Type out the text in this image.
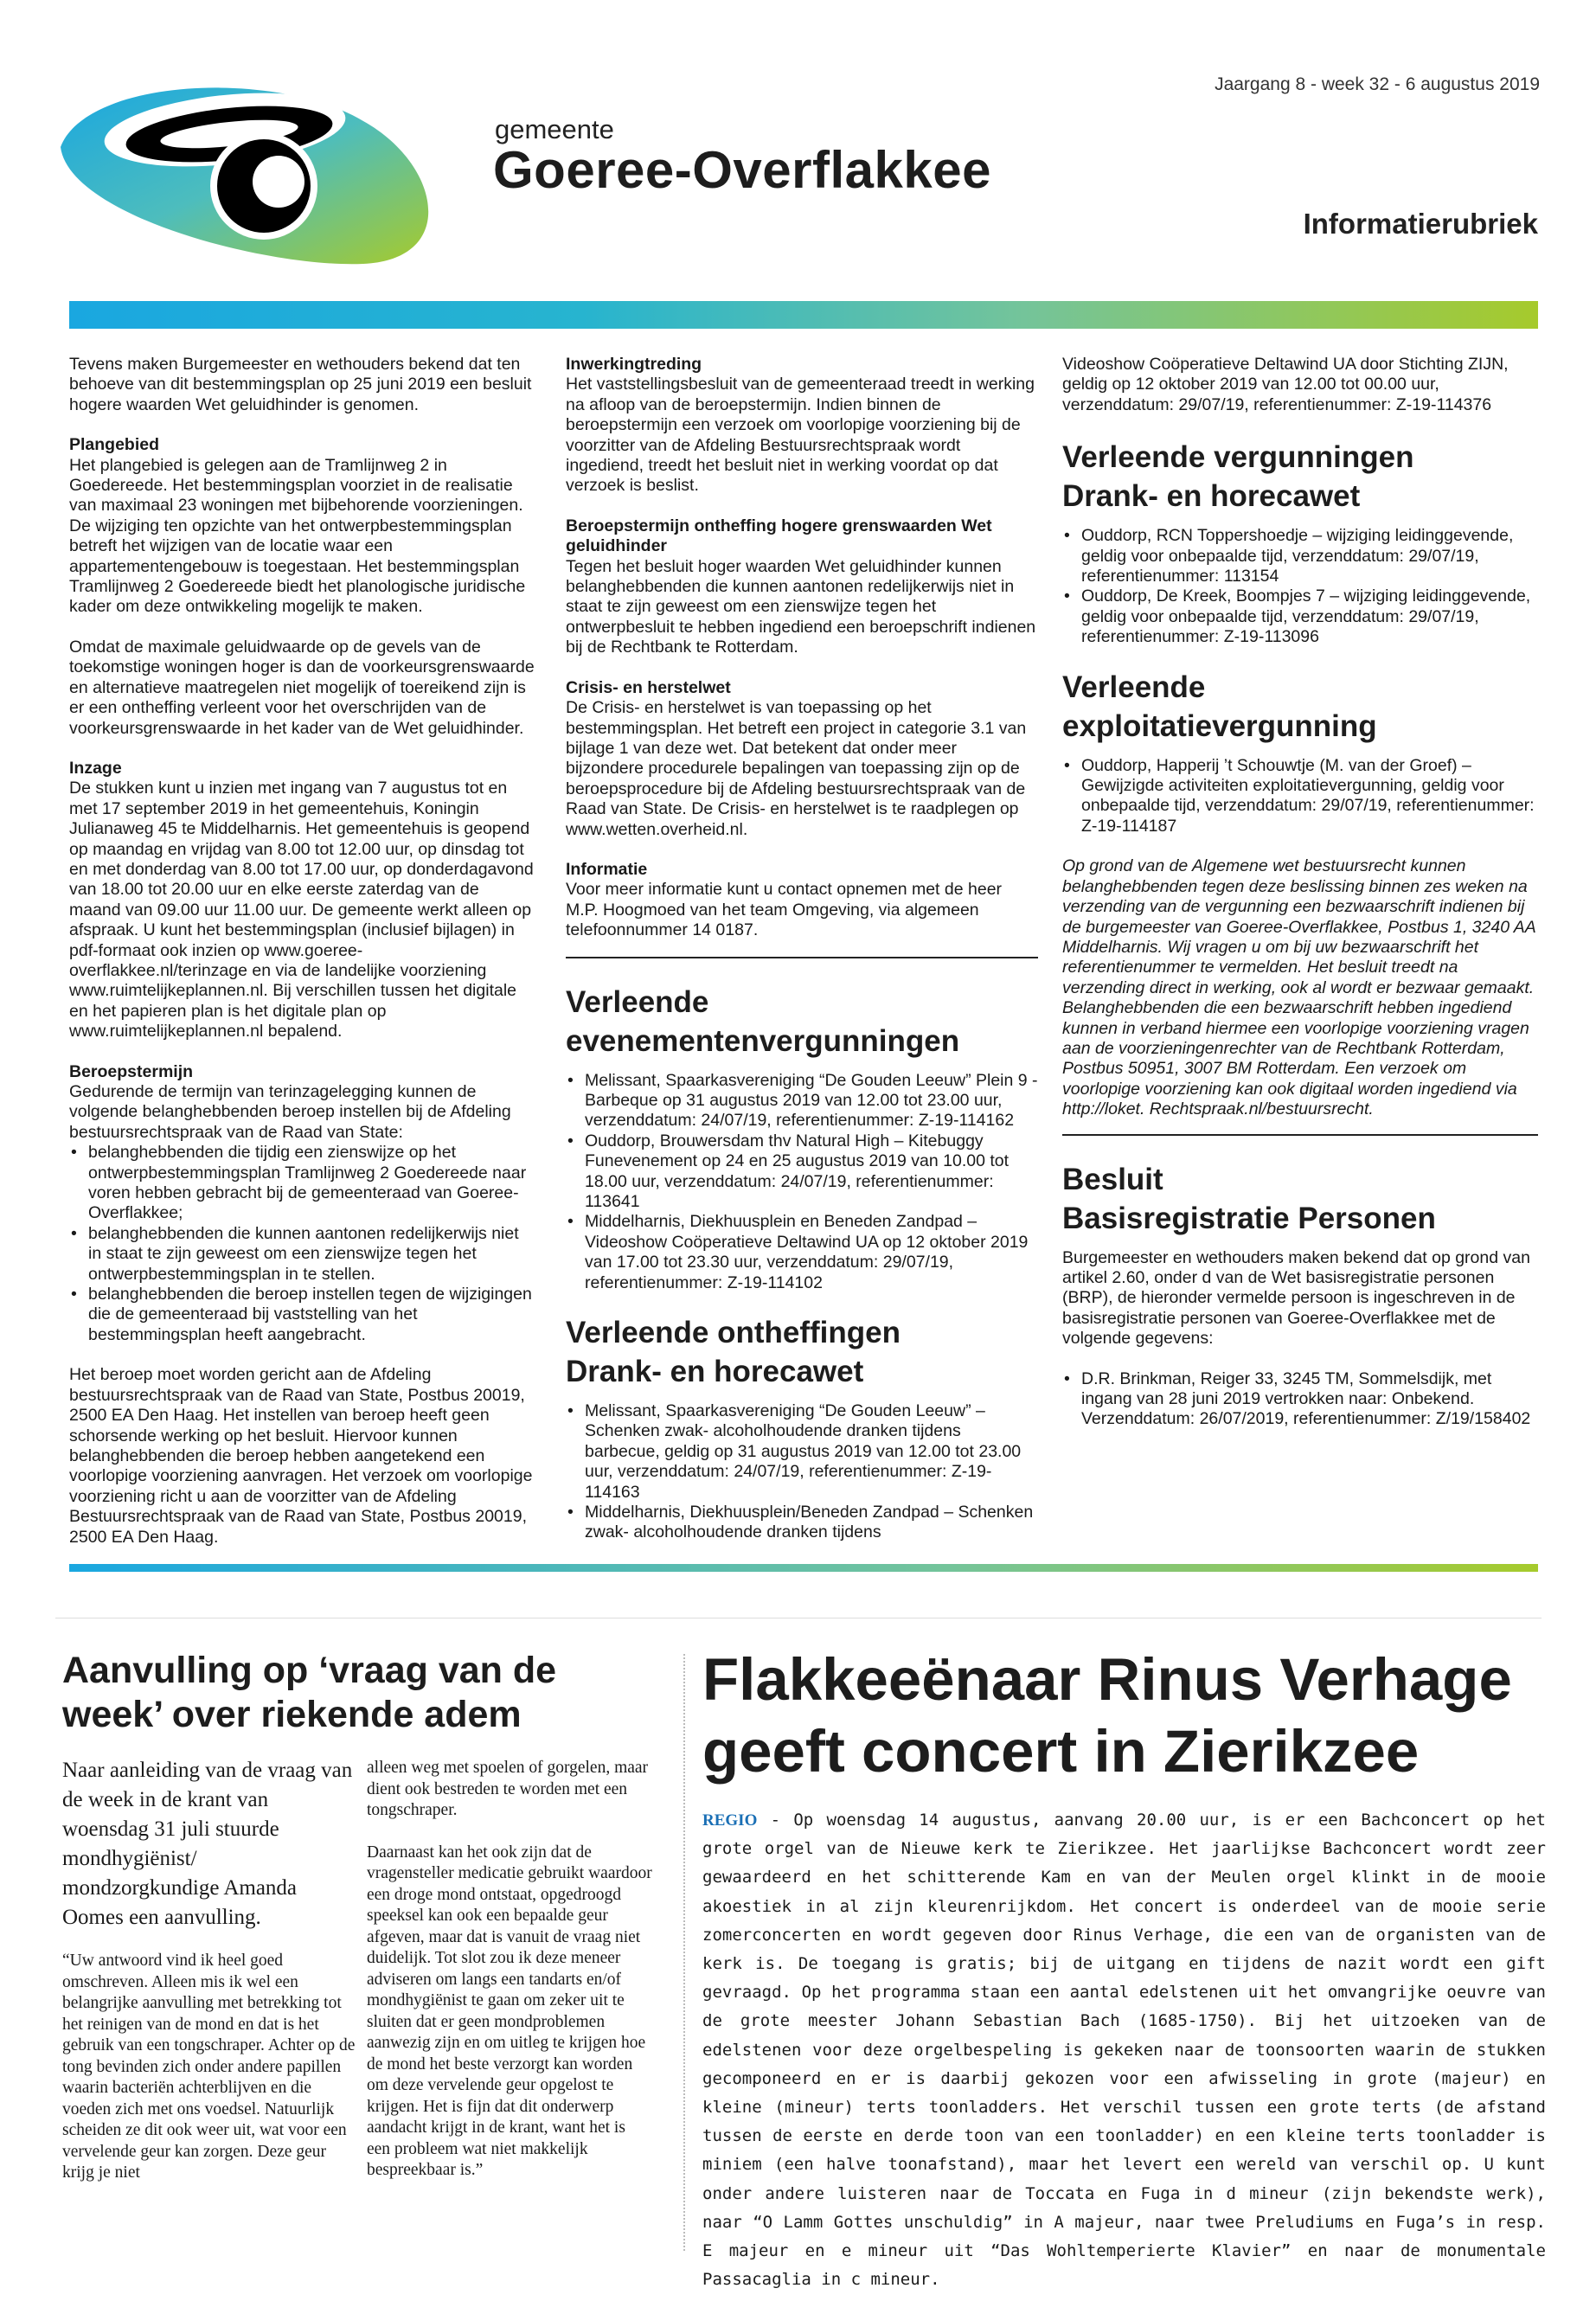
Jaargang 8 - week 32 - 6 augustus 2019
gemeente
Goeree-Overflakkee
Informatierubriek

Tevens maken Burgemeester en wethouders bekend dat ten behoeve van dit bestemmingsplan op 25 juni 2019 een besluit hogere waarden Wet geluidhinder is genomen.

Plangebied
Het plangebied is gelegen aan de Tramlijnweg 2 in Goedereede. Het bestemmingsplan voorziet in de realisatie van maximaal 23 woningen met bijbehorende voorzieningen. De wijziging ten opzichte van het ontwerpbestemmingsplan betreft het wijzigen van de locatie waar een appartementengebouw is toegestaan. Het bestemmingsplan Tramlijnweg 2 Goedereede biedt het planologische juridische kader om deze ontwikkeling mogelijk te maken.

Omdat de maximale geluidwaarde op de gevels van de toekomstige woningen hoger is dan de voorkeursgrenswaarde en alternatieve maatregelen niet mogelijk of toereikend zijn is er een ontheffing verleent voor het overschrijden van de voorkeursgrenswaarde in het kader van de Wet geluidhinder.

Inzage
De stukken kunt u inzien met ingang van 7 augustus tot en met 17 september 2019 in het gemeentehuis, Koningin Julianaweg 45 te Middelharnis. Het gemeentehuis is geopend op maandag en vrijdag van 8.00 tot 12.00 uur, op dinsdag tot en met donderdag van 8.00 tot 17.00 uur, op donderdagavond van 18.00 tot 20.00 uur en elke eerste zaterdag van de maand van 09.00 uur 11.00 uur. De gemeente werkt alleen op afspraak. U kunt het bestemmingsplan (inclusief bijlagen) in pdf-formaat ook inzien op www.goeree-overflakkee.nl/terinzage en via de landelijke voorziening www.ruimtelijkeplannen.nl. Bij verschillen tussen het digitale en het papieren plan is het digitale plan op www.ruimtelijkeplannen.nl bepalend.

Beroepstermijn
Gedurende de termijn van terinzagelegging kunnen de volgende belanghebbenden beroep instellen bij de Afdeling bestuursrechtspraak van de Raad van State:

• belanghebbenden die tijdig een zienswijze op het ontwerpbestemmingsplan Tramlijnweg 2 Goedereede naar voren hebben gebracht bij de gemeenteraad van Goeree-Overflakkee;
• belanghebbenden die kunnen aantonen redelijkerwijs niet in staat te zijn geweest om een zienswijze tegen het ontwerpbestemmingsplan in te stellen.
• belanghebbenden die beroep instellen tegen de wijzigingen die de gemeenteraad bij vaststelling van het bestemmingsplan heeft aangebracht.

Het beroep moet worden gericht aan de Afdeling bestuursrechtspraak van de Raad van State, Postbus 20019, 2500 EA Den Haag. Het instellen van beroep heeft geen schorsende werking op het besluit. Hiervoor kunnen belanghebbenden die beroep hebben aangetekend een voorlopige voorziening aanvragen. Het verzoek om voorlopige voorziening richt u aan de voorzitter van de Afdeling Bestuursrechtspraak van de Raad van State, Postbus 20019, 2500 EA Den Haag.

Inwerkingtreding
Het vaststellingsbesluit van de gemeenteraad treedt in werking na afloop van de beroepstermijn. Indien binnen de beroepstermijn een verzoek om voorlopige voorziening bij de voorzitter van de Afdeling Bestuursrechtspraak wordt ingediend, treedt het besluit niet in werking voordat op dat verzoek is beslist.

Beroepstermijn ontheffing hogere grenswaarden Wet geluidhinder
Tegen het besluit hoger waarden Wet geluidhinder kunnen belanghebbenden die kunnen aantonen redelijkerwijs niet in staat te zijn geweest om een zienswijze tegen het ontwerpbesluit te hebben ingediend een beroepschrift indienen bij de Rechtbank te Rotterdam.

Crisis- en herstelwet
De Crisis- en herstelwet is van toepassing op het bestemmingsplan. Het betreft een project in categorie 3.1 van bijlage 1 van deze wet. Dat betekent dat onder meer bijzondere procedurele bepalingen van toepassing zijn op de beroepsprocedure bij de Afdeling bestuursrechtspraak van de Raad van State. De Crisis- en herstelwet is te raadplegen op www.wetten.overheid.nl.

Informatie
Voor meer informatie kunt u contact opnemen met de heer M.P. Hoogmoed van het team Omgeving, via algemeen telefoonnummer 14 0187.

Verleende
evenementenvergunningen
• Melissant, Spaarkasvereniging “De Gouden Leeuw” Plein 9 - Barbeque op 31 augustus 2019 van 12.00 tot 23.00 uur, verzenddatum: 24/07/19, referentienummer: Z-19-114162
• Ouddorp, Brouwersdam thv Natural High – Kitebuggy Funevenement op 24 en 25 augustus 2019 van 10.00 tot 18.00 uur, verzenddatum: 24/07/19, referentienummer: 113641
• Middelharnis, Diekhuusplein en Beneden Zandpad – Videoshow Coöperatieve Deltawind UA op 12 oktober 2019 van 17.00 tot 23.30 uur, verzenddatum: 29/07/19, referentienummer: Z-19-114102
Verleende ontheffingen
Drank- en horecawet
• Melissant, Spaarkasvereniging “De Gouden Leeuw” – Schenken zwak- alcoholhoudende dranken tijdens barbecue, geldig op 31 augustus 2019 van 12.00 tot 23.00 uur, verzenddatum: 24/07/19, referentienummer: Z-19-114163
• Middelharnis, Diekhuusplein/Beneden Zandpad – Schenken zwak- alcoholhoudende dranken tijdens

Videoshow Coöperatieve Deltawind UA door Stichting ZIJN, geldig op 12 oktober 2019 van 12.00 tot 00.00 uur, verzenddatum: 29/07/19, referentienummer: Z-19-114376

Verleende vergunningen
Drank- en horecawet
• Ouddorp, RCN Toppershoedje – wijziging leidinggevende, geldig voor onbepaalde tijd, verzenddatum: 29/07/19, referentienummer: 113154
• Ouddorp, De Kreek, Boompjes 7 – wijziging leidinggevende, geldig voor onbepaalde tijd, verzenddatum: 29/07/19, referentienummer: Z-19-113096
Verleende
exploitatievergunning
• Ouddorp, Happerij ’t Schouwtje (M. van der Groef) – Gewijzigde activiteiten exploitatievergunning, geldig voor onbepaalde tijd, verzenddatum: 29/07/19, referentienummer: Z-19-114187

Op grond van de Algemene wet bestuursrecht kunnen belanghebbenden tegen deze beslissing binnen zes weken na verzending van de vergunning een bezwaarschrift indienen bij de burgemeester van Goeree-Overflakkee, Postbus 1, 3240 AA Middelharnis. Wij vragen u om bij uw bezwaarschrift het referentienummer te vermelden. Het besluit treedt na verzending direct in werking, ook al wordt er bezwaar gemaakt. Belanghebbenden die een bezwaarschrift hebben ingediend kunnen in verband hiermee een voorlopige voorziening vragen aan de voorzieningenrechter van de Rechtbank Rotterdam, Postbus 50951, 3007 BM Rotterdam. Een verzoek om voorlopige voorziening kan ook digitaal worden ingediend via http://loket. Rechtspraak.nl/bestuursrecht.

Besluit
Basisregistratie Personen

Burgemeester en wethouders maken bekend dat op grond van artikel 2.60, onder d van de Wet basisregistratie personen (BRP), de hieronder vermelde persoon is ingeschreven in de basisregistratie personen van Goeree-Overflakkee met de volgende gegevens:

• D.R. Brinkman, Reiger 33, 3245 TM, Sommelsdijk, met ingang van 28 juni 2019 vertrokken naar: Onbekend. Verzenddatum: 26/07/2019, referentienummer: Z/19/158402
Aanvulling op ‘vraag van de week’ over riekende adem
Naar aanleiding van de vraag van de week in de krant van woensdag 31 juli stuurde mondhygiënist/ mondzorgkundige Amanda Oomes een aanvulling.

“Uw antwoord vind ik heel goed omschreven. Alleen mis ik wel een belangrijke aanvulling met betrekking tot het reinigen van de mond en dat is het gebruik van een tongschraper. Achter op de tong bevinden zich onder andere papillen waarin bacteriën achterblijven en die voeden zich met ons voedsel. Natuurlijk scheiden ze dit ook weer uit, wat voor een vervelende geur kan zorgen. Deze geur krijg je niet

alleen weg met spoelen of gorgelen, maar dient ook bestreden te worden met een tongschraper.

Daarnaast kan het ook zijn dat de vragensteller medicatie gebruikt waardoor een droge mond ontstaat, opgedroogd speeksel kan ook een bepaalde geur afgeven, maar dat is vanuit de vraag niet duidelijk. Tot slot zou ik deze meneer adviseren om langs een tandarts en/of mondhygiënist te gaan om zeker uit te sluiten dat er geen mondproblemen aanwezig zijn en om uitleg te krijgen hoe de mond het beste verzorgt kan worden om deze vervelende geur opgelost te krijgen. Het is fijn dat dit onderwerp aandacht krijgt in de krant, want het is een probleem wat niet makkelijk bespreekbaar is.”

Flakkeeënaar Rinus Verhage geeft concert in Zierikzee
REGIO - Op woensdag 14 augustus, aanvang 20.00 uur, is er een Bachconcert op het grote orgel van de Nieuwe kerk te Zierikzee. Het jaarlijkse Bachconcert wordt zeer gewaardeerd en het schitterende Kam en van der Meulen orgel klinkt in de mooie akoestiek in al zijn kleurenrijkdom. Het concert is onderdeel van de mooie serie zomerconcerten en wordt gegeven door Rinus Verhage, die een van de organisten van de kerk is. De toegang is gratis; bij de uitgang en tijdens de nazit wordt een gift gevraagd. Op het programma staan een aantal edelstenen uit het omvangrijke oeuvre van de grote meester Johann Sebastian Bach (1685-1750). Bij het uitzoeken van de edelstenen voor deze orgelbespeling is gekeken naar de toonsoorten waarin de stukken gecomponeerd en er is daarbij gekozen voor een afwisseling in grote (majeur) en kleine (mineur) terts toonladders. Het verschil tussen een grote terts (de afstand tussen de eerste en derde toon van een toonladder) en een kleine terts toonladder is miniem (een halve toonafstand), maar het levert een wereld van verschil op. U kunt onder andere luisteren naar de Toccata en Fuga in d mineur (zijn bekendste werk), naar “O Lamm Gottes unschuldig” in A majeur, naar twee Preludiums en Fuga’s in resp. E majeur en e mineur uit “Das Wohltemperierte Klavier” en naar de monumentale Passacaglia in c mineur.
